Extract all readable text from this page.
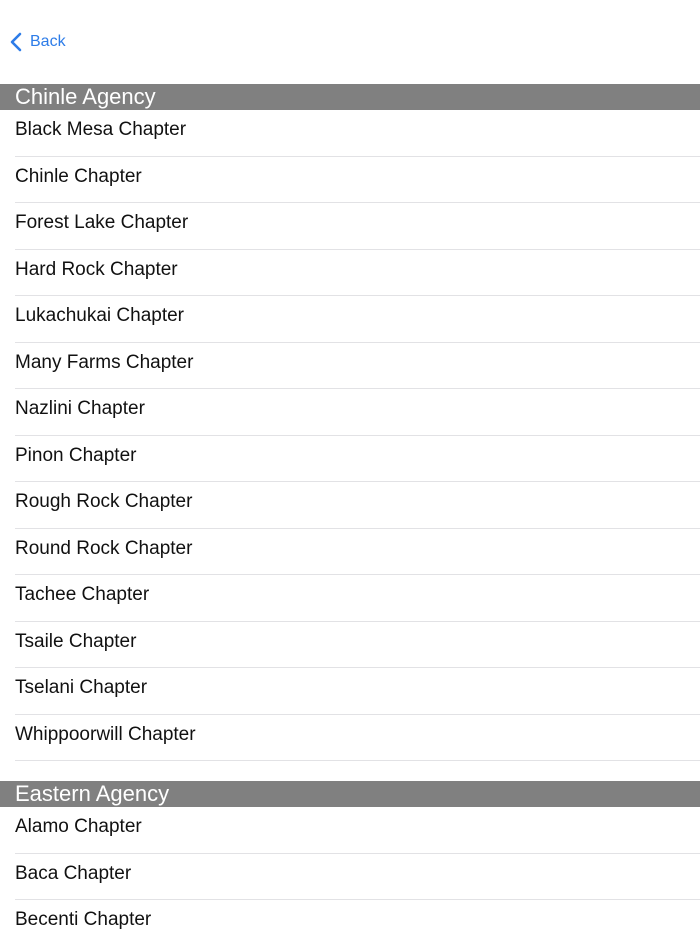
Back
Chinle Agency
Black Mesa Chapter
Chinle Chapter
Forest Lake Chapter
Hard Rock Chapter
Lukachukai Chapter
Many Farms Chapter
Nazlini Chapter
Pinon Chapter
Rough Rock Chapter
Round Rock Chapter
Tachee Chapter
Tsaile Chapter
Tselani Chapter
Whippoorwill Chapter
Eastern Agency
Alamo Chapter
Baca Chapter
Becenti Chapter
